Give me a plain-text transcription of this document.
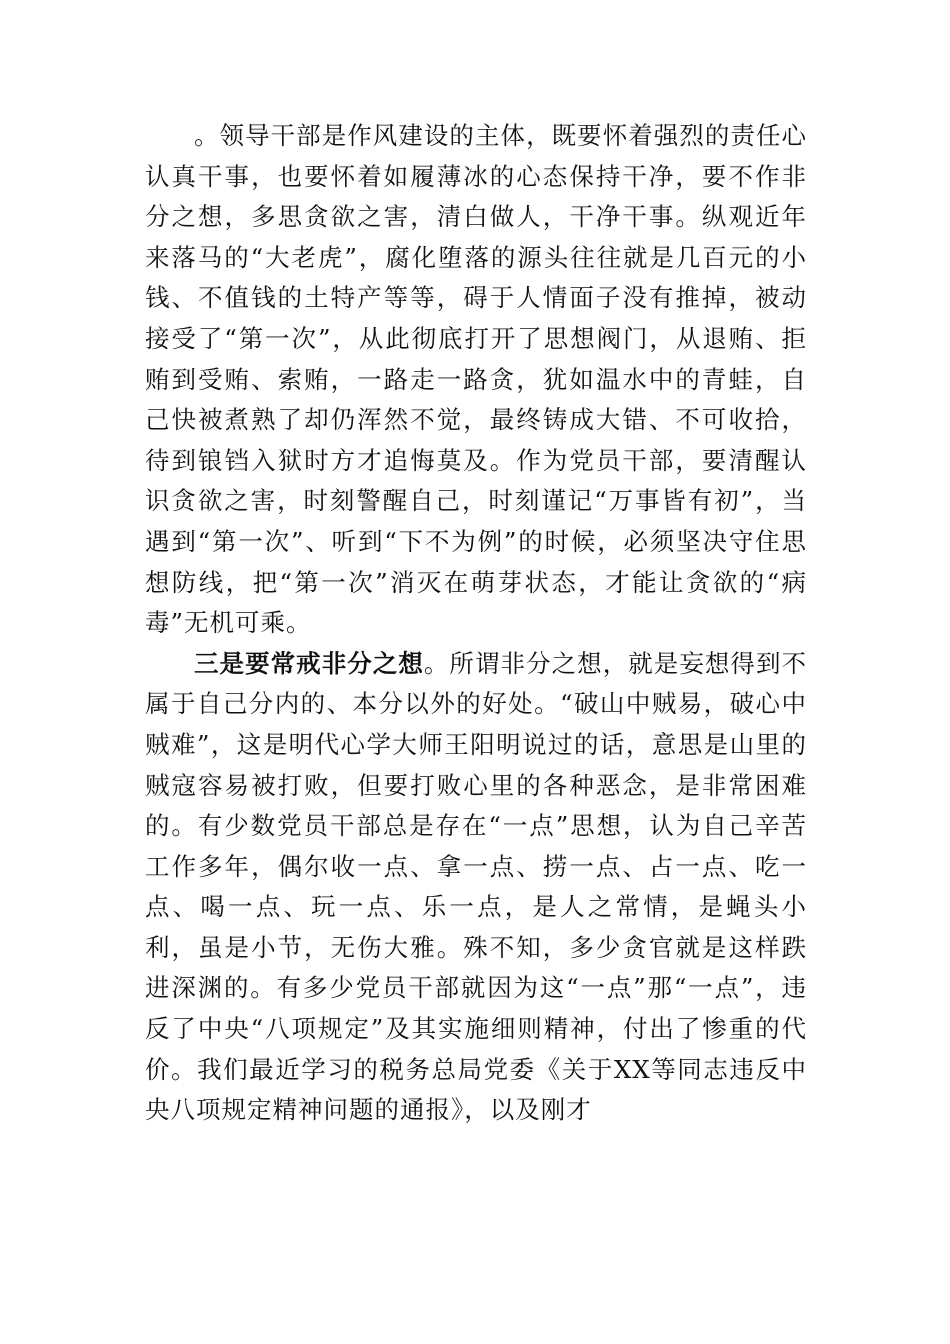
。领导干部是作风建设的主体，既要怀着强烈的责任心认真干事，也要怀着如履薄冰的心态保持干净，要不作非分之想，多思贪欲之害，清白做人，干净干事。纵观近年来落马的“大老虎”，腐化堕落的源头往往就是几百元的小钱、不值钱的土特产等等，碍于人情面子没有推掉，被动接受了“第一次”，从此彻底打开了思想阀门，从退贿、拒贿到受贿、索贿，一路走一路贪，犹如温水中的青蛙，自己快被煮熟了却仍浑然不觉，最终铸成大错、不可收拾，待到锒铛入狱时方才追悔莫及。作为党员干部，要清醒认识贪欲之害，时刻警醒自己，时刻谨记“万事皆有初”，当遇到“第一次”、听到“下不为例”的时候，必须坚决守住思想防线，把“第一次”消灭在萌芽状态，才能让贪欲的“病毒”无机可乘。

三是要常戒非分之想。所谓非分之想，就是妄想得到不属于自己分内的、本分以外的好处。“破山中贼易，破心中贼难”，这是明代心学大师王阳明说过的话，意思是山里的贼寇容易被打败，但要打败心里的各种恶念，是非常困难的。有少数党员干部总是存在“一点”思想，认为自己辛苦工作多年，偶尔收一点、拿一点、捞一点、占一点、吃一点、喝一点、玩一点、乐一点，是人之常情，是蝇头小利，虽是小节，无伤大雅。殊不知，多少贪官就是这样跌进深渊的。有多少党员干部就因为这“一点”那“一点”，违反了中央“八项规定”及其实施细则精神，付出了惨重的代价。我们最近学习的税务总局党委《关于XX等同志违反中央八项规定精神问题的通报》，以及刚才
